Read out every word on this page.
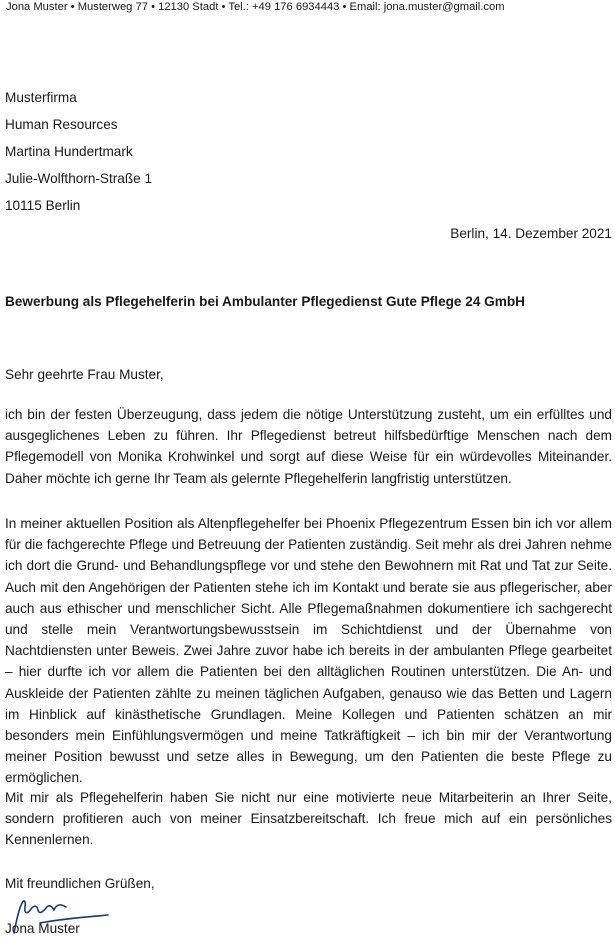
Jona Muster • Musterweg 77 • 12130 Stadt • Tel.: +49 176 6934443 • Email: jona.muster@gmail.com
Musterfirma
Human Resources
Martina Hundertmark
Julie-Wolfthorn-Straße 1
10115 Berlin
Berlin, 14. Dezember 2021
Bewerbung als Pflegehelferin bei Ambulanter Pflegedienst Gute Pflege 24 GmbH
Sehr geehrte Frau Muster,

ich bin der festen Überzeugung, dass jedem die nötige Unterstützung zusteht, um ein erfülltes und ausgeglichenes Leben zu führen. Ihr Pflegedienst betreut hilfsbedürftige Menschen nach dem Pflegemodell von Monika Krohwinkel und sorgt auf diese Weise für ein würdevolles Miteinander. Daher möchte ich gerne Ihr Team als gelernte Pflegehelferin langfristig unterstützen.

In meiner aktuellen Position als Altenpflegehelfer bei Phoenix Pflegezentrum Essen bin ich vor allem für die fachgerechte Pflege und Betreuung der Patienten zuständig. Seit mehr als drei Jahren nehme ich dort die Grund- und Behandlungspflege vor und stehe den Bewohnern mit Rat und Tat zur Seite. Auch mit den Angehörigen der Patienten stehe ich im Kontakt und berate sie aus pflegerischer, aber auch aus ethischer und menschlicher Sicht. Alle Pflegemaßnahmen dokumentiere ich sachgerecht und stelle mein Verantwortungsbewusstsein im Schichtdienst und der Übernahme von Nachtdiensten unter Beweis. Zwei Jahre zuvor habe ich bereits in der ambulanten Pflege gearbeitet – hier durfte ich vor allem die Patienten bei den alltäglichen Routinen unterstützen. Die An- und Auskleide der Patienten zählte zu meinen täglichen Aufgaben, genauso wie das Betten und Lagern im Hinblick auf kinästhetische Grundlagen. Meine Kollegen und Patienten schätzen an mir besonders mein Einfühlungsvermögen und meine Tatkräftigkeit – ich bin mir der Verantwortung meiner Position bewusst und setze alles in Bewegung, um den Patienten die beste Pflege zu ermöglichen.

Mit mir als Pflegehelferin haben Sie nicht nur eine motivierte neue Mitarbeiterin an Ihrer Seite, sondern profitieren auch von meiner Einsatzbereitschaft. Ich freue mich auf ein persönliches Kennenlernen.

Mit freundlichen Grüßen,
Jona Muster
